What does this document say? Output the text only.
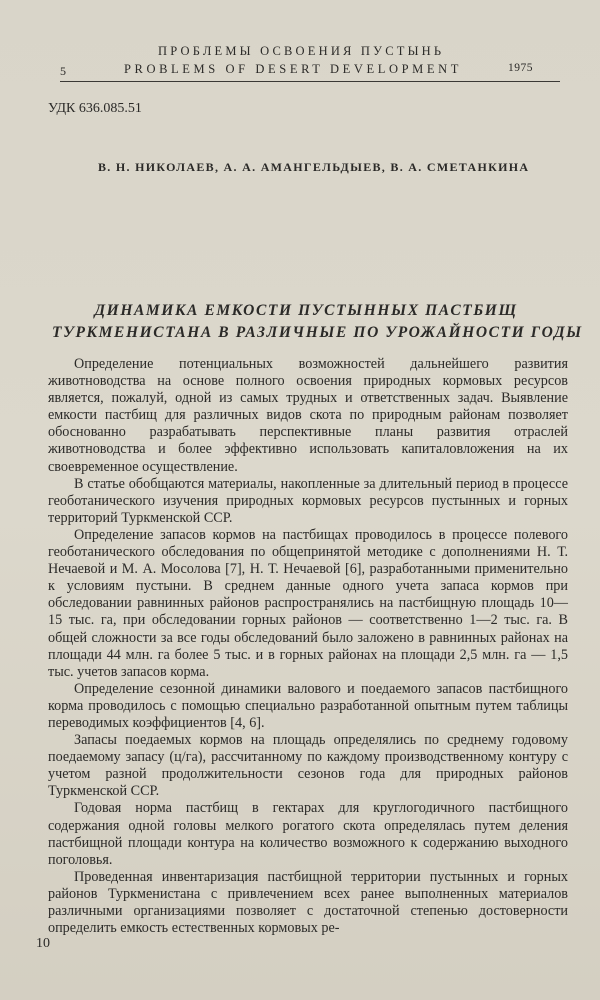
ПРОБЛЕМЫ ОСВОЕНИЯ ПУСТЫНЬ
5	PROBLEMS OF DESERT DEVELOPMENT	1975
УДК 636.085.51
В. Н. НИКОЛАЕВ, А. А. АМАНГЕЛЬДЫЕВ, В. А. СМЕТАНКИНА
ДИНАМИКА ЕМКОСТИ ПУСТЫННЫХ ПАСТБИЩ
ТУРКМЕНИСТАНА В РАЗЛИЧНЫЕ ПО УРОЖАЙНОСТИ ГОДЫ

Определение потенциальных возможностей дальнейшего развития животноводства на основе полного освоения природных кормовых ресурсов является, пожалуй, одной из самых трудных и ответственных задач. Выявление емкости пастбищ для различных видов скота по природным районам позволяет обоснованно разрабатывать перспективные планы развития отраслей животноводства и более эффективно использовать капиталовложения на их своевременное осуществление.

В статье обобщаются материалы, накопленные за длительный период в процессе геоботанического изучения природных кормовых ресурсов пустынных и горных территорий Туркменской ССР.

Определение запасов кормов на пастбищах проводилось в процессе полевого геоботанического обследования по общепринятой методике с дополнениями Н. Т. Нечаевой и М. А. Мосолова [7], Н. Т. Нечаевой [6], разработанными применительно к условиям пустыни. В среднем данные одного учета запаса кормов при обследовании равнинных районов распространялись на пастбищную площадь 10—15 тыс. га, при обследовании горных районов — соответственно 1—2 тыс. га. В общей сложности за все годы обследований было заложено в равнинных районах на площади 44 млн. га более 5 тыс. и в горных районах на площади 2,5 млн. га — 1,5 тыс. учетов запасов корма.

Определение сезонной динамики валового и поедаемого запасов пастбищного корма проводилось с помощью специально разработанной опытным путем таблицы переводимых коэффициентов [4, 6].

Запасы поедаемых кормов на площадь определялись по среднему годовому поедаемому запасу (ц/га), рассчитанному по каждому производственному контуру с учетом разной продолжительности сезонов года для природных районов Туркменской ССР.

Годовая норма пастбищ в гектарах для круглогодичного пастбищного содержания одной головы мелкого рогатого скота определялась путем деления пастбищной площади контура на количество возможного к содержанию выходного поголовья.

Проведенная инвентаризация пастбищной территории пустынных и горных районов Туркменистана с привлечением всех ранее выполненных материалов различными организациями позволяет с достаточной степенью достоверности определить емкость естественных кормовых ре-

10
